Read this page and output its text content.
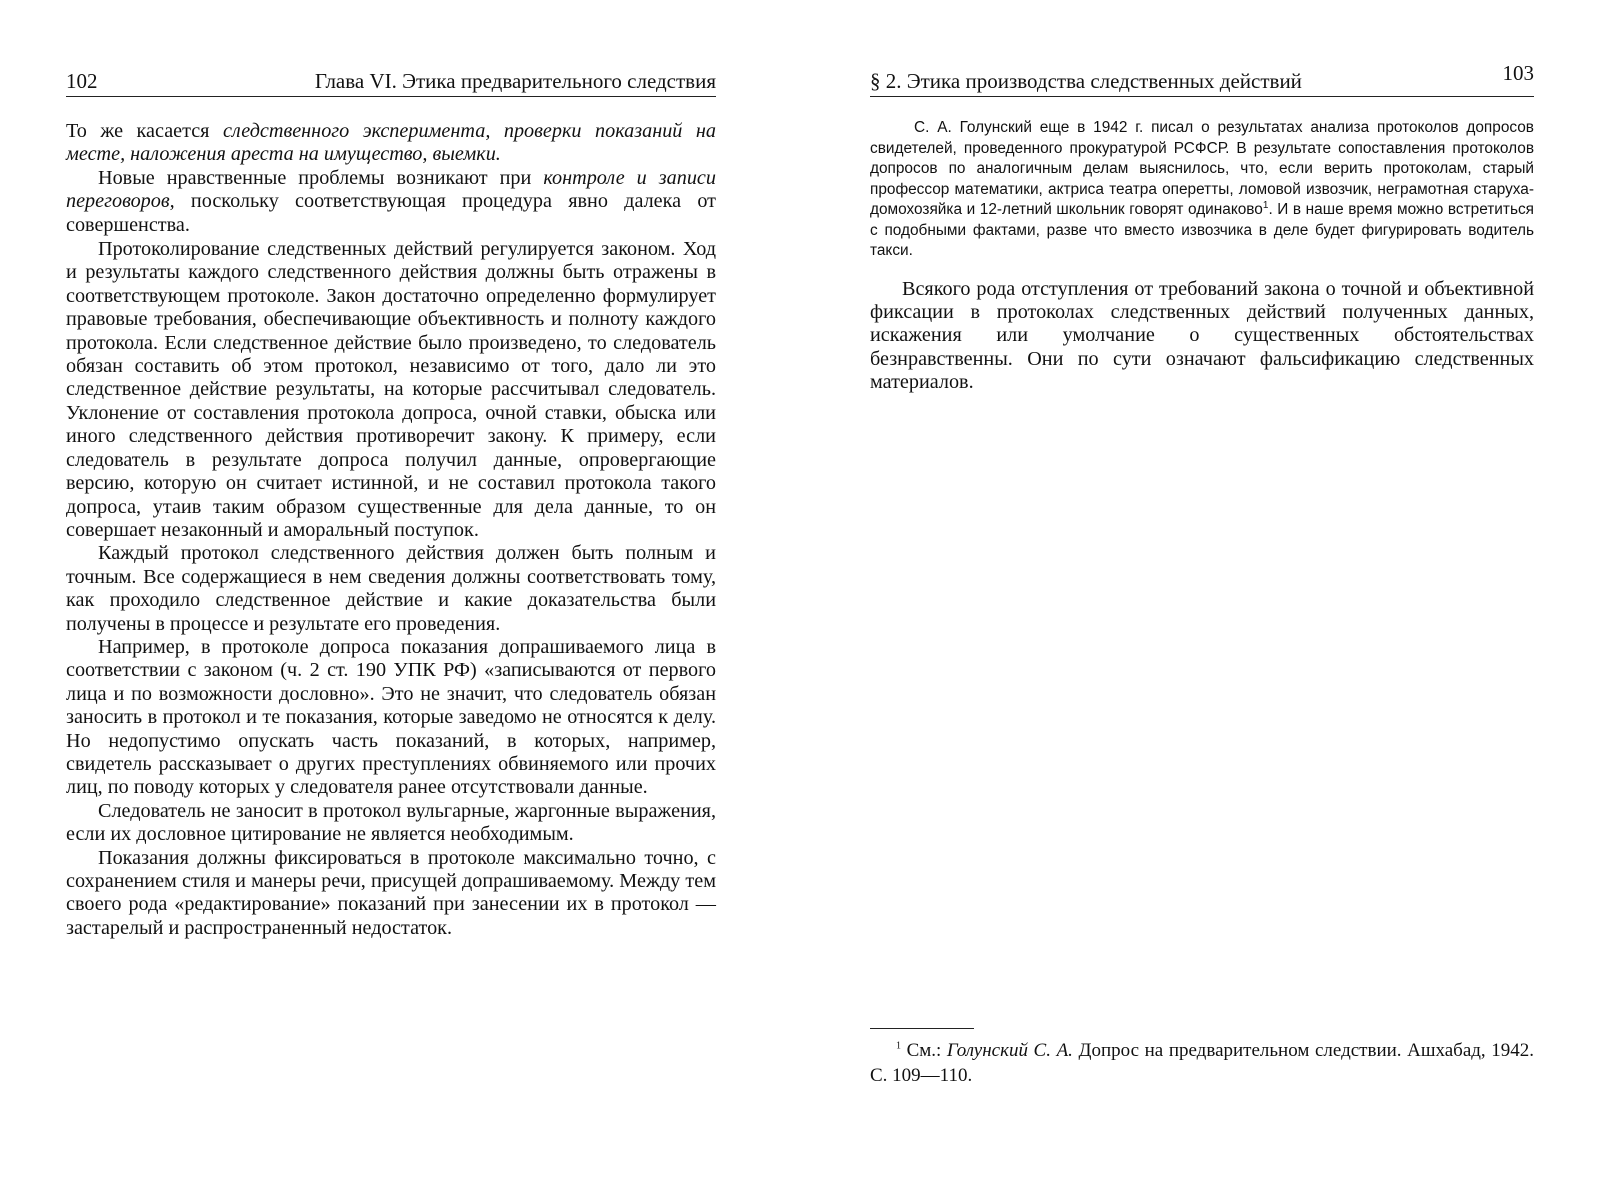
102	Глава VI. Этика предварительного следствия

То же касается следственного эксперимента, проверки показаний на месте, наложения ареста на имущество, выемки.

Новые нравственные проблемы возникают при контроле и записи переговоров, поскольку соответствующая процедура явно далека от совершенства.

Протоколирование следственных действий регулируется законом. Ход и результаты каждого следственного действия должны быть отражены в соответствующем протоколе. Закон достаточно определенно формулирует правовые требования, обеспечивающие объективность и полноту каждого протокола. Если следственное действие было произведено, то следователь обязан составить об этом протокол, независимо от того, дало ли это следственное действие результаты, на которые рассчитывал следователь. Уклонение от составления протокола допроса, очной ставки, обыска или иного следственного действия противоречит закону. К примеру, если следователь в результате допроса получил данные, опровергающие версию, которую он считает истинной, и не составил протокола такого допроса, утаив таким образом существенные для дела данные, то он совершает незаконный и аморальный поступок.

Каждый протокол следственного действия должен быть полным и точным. Все содержащиеся в нем сведения должны соответствовать тому, как проходило следственное действие и какие доказательства были получены в процессе и результате его проведения.

Например, в протоколе допроса показания допрашиваемого лица в соответствии с законом (ч. 2 ст. 190 УПК РФ) «записываются от первого лица и по возможности дословно». Это не значит, что следователь обязан заносить в протокол и те показания, которые заведомо не относятся к делу. Но недопустимо опускать часть показаний, в которых, например, свидетель рассказывает о других преступлениях обвиняемого или прочих лиц, по поводу которых у следователя ранее отсутствовали данные.

Следователь не заносит в протокол вульгарные, жаргонные выражения, если их дословное цитирование не является необходимым.

Показания должны фиксироваться в протоколе максимально точно, с сохранением стиля и манеры речи, присущей допрашиваемому. Между тем своего рода «редактирование» показаний при занесении их в протокол — застарелый и распространенный недостаток.

§ 2. Этика производства следственных действий	103

С. А. Голунский еще в 1942 г. писал о результатах анализа протоколов допросов свидетелей, проведенного прокуратурой РСФСР. В результате сопоставления протоколов допросов по аналогичным делам выяснилось, что, если верить протоколам, старый профессор математики, актриса театра оперетты, ломовой извозчик, неграмотная старуха-домохозяйка и 12-летний школьник говорят одинаково$^1$. И в наше время можно встретиться с подобными фактами, разве что вместо извозчика в деле будет фигурировать водитель такси.

Всякого рода отступления от требований закона о точной и объективной фиксации в протоколах следственных действий полученных данных, искажения или умолчание о существенных обстоятельствах безнравственны. Они по сути означают фальсификацию следственных материалов.

$^1$ См.: Голунский С. А. Допрос на предварительном следствии. Ашхабад, 1942. С. 109—110.
